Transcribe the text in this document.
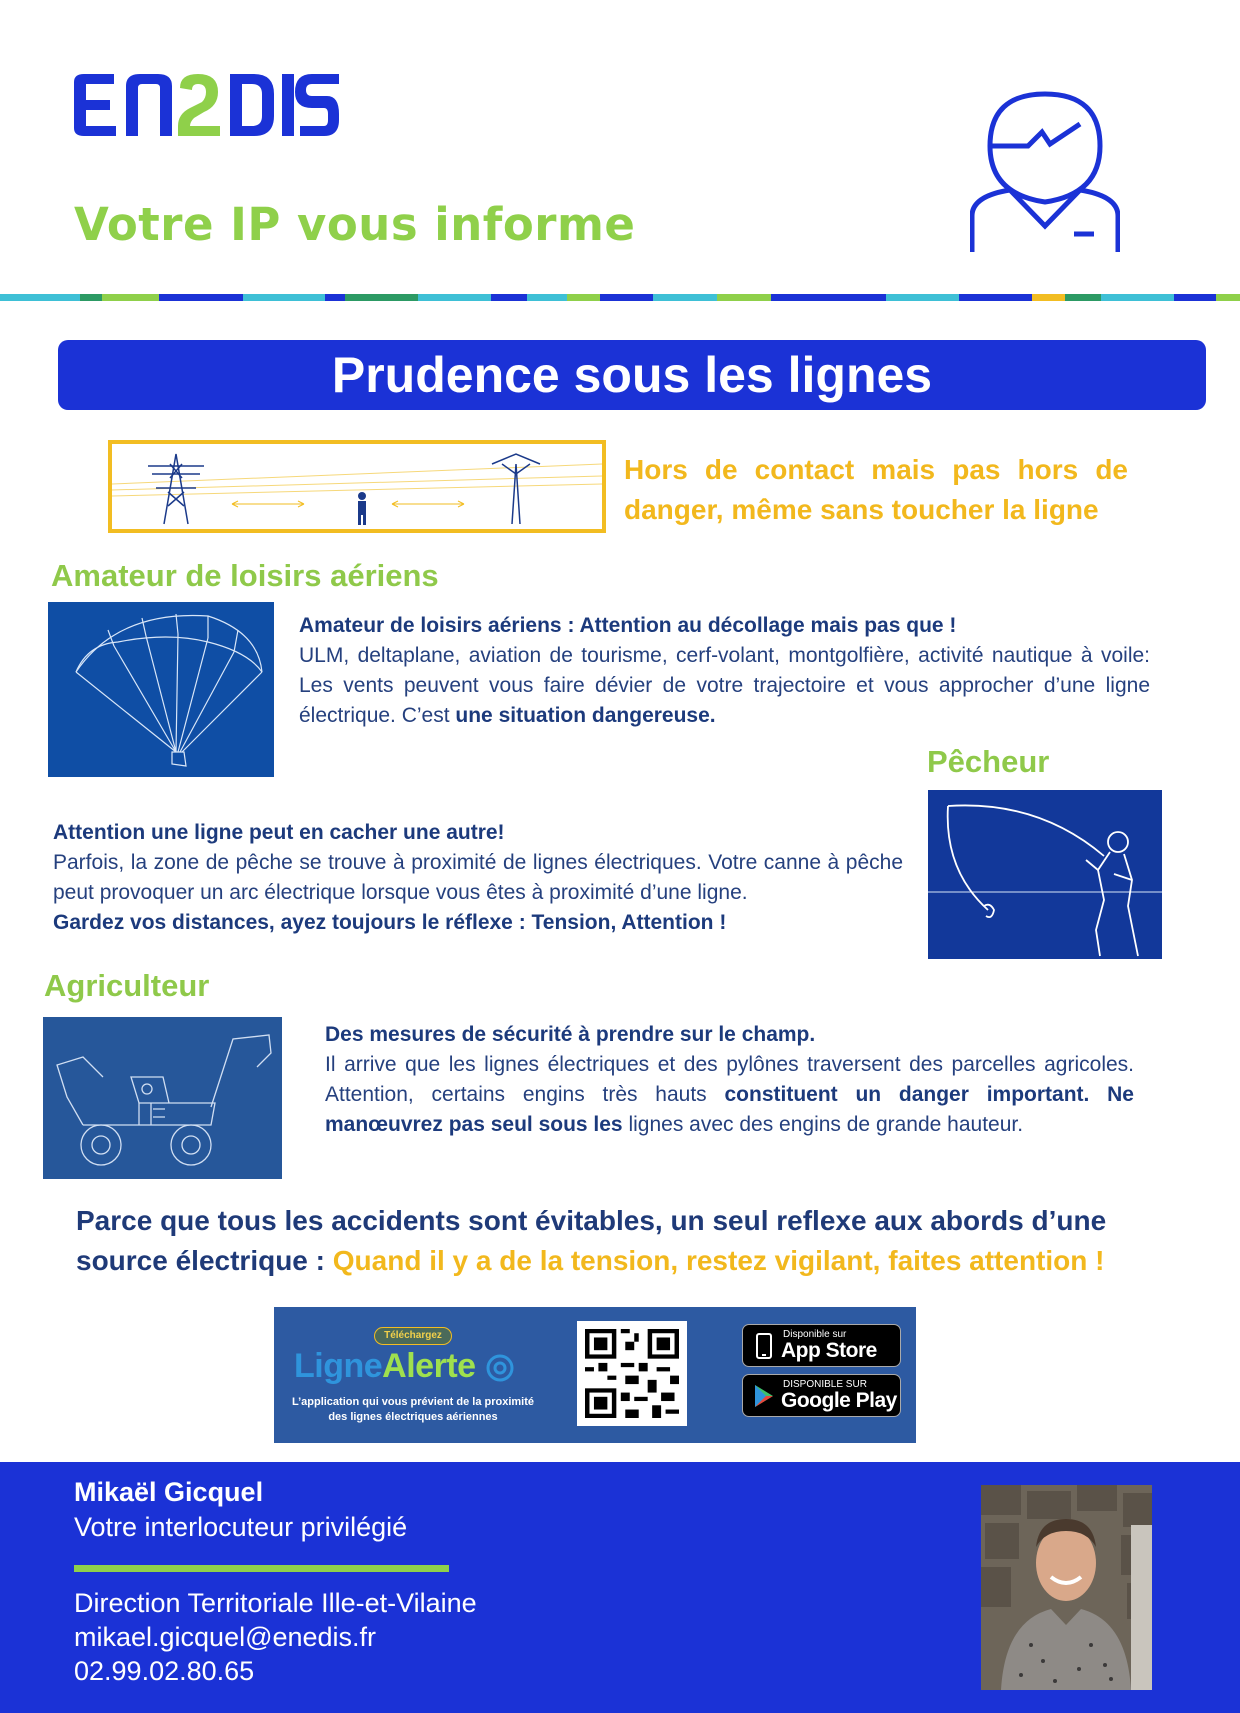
Votre IP vous informe
Prudence sous les lignes
Hors de contact mais pas hors de danger, même sans toucher la ligne
Amateur de loisirs aériens
Amateur de loisirs aériens : Attention au décollage mais pas que !
ULM, deltaplane, aviation de tourisme, cerf-volant, montgolfière, activité nautique à voile: Les vents peuvent vous faire dévier de votre trajectoire et vous approcher d’une ligne électrique. C’est une situation dangereuse.
Pêcheur
Attention une ligne peut en cacher une autre!
Parfois, la zone de pêche se trouve à proximité de lignes électriques. Votre canne à pêche peut provoquer un arc électrique lorsque vous êtes à proximité d’une ligne.
Gardez vos distances, ayez toujours le réflexe : Tension, Attention !
Agriculteur
Des mesures de sécurité à prendre sur le champ.
Il arrive que les lignes électriques et des pylônes traversent des parcelles agricoles. Attention, certains engins très hauts constituent un danger important. Ne manœuvrez pas seul sous les lignes avec des engins de grande hauteur.
Parce que tous les accidents sont évitables, un seul reflexe aux abords d’une source électrique : Quand il y a de la tension, restez vigilant, faites attention !
Téléchargez
LigneAlerte
L’application qui vous prévient de la proximité des lignes électriques aériennes
Disponible sur
App Store
DISPONIBLE SUR
Google Play
Mikaël Gicquel
Votre interlocuteur privilégié
Direction Territoriale Ille-et-Vilaine
mikael.gicquel@enedis.fr
02.99.02.80.65
